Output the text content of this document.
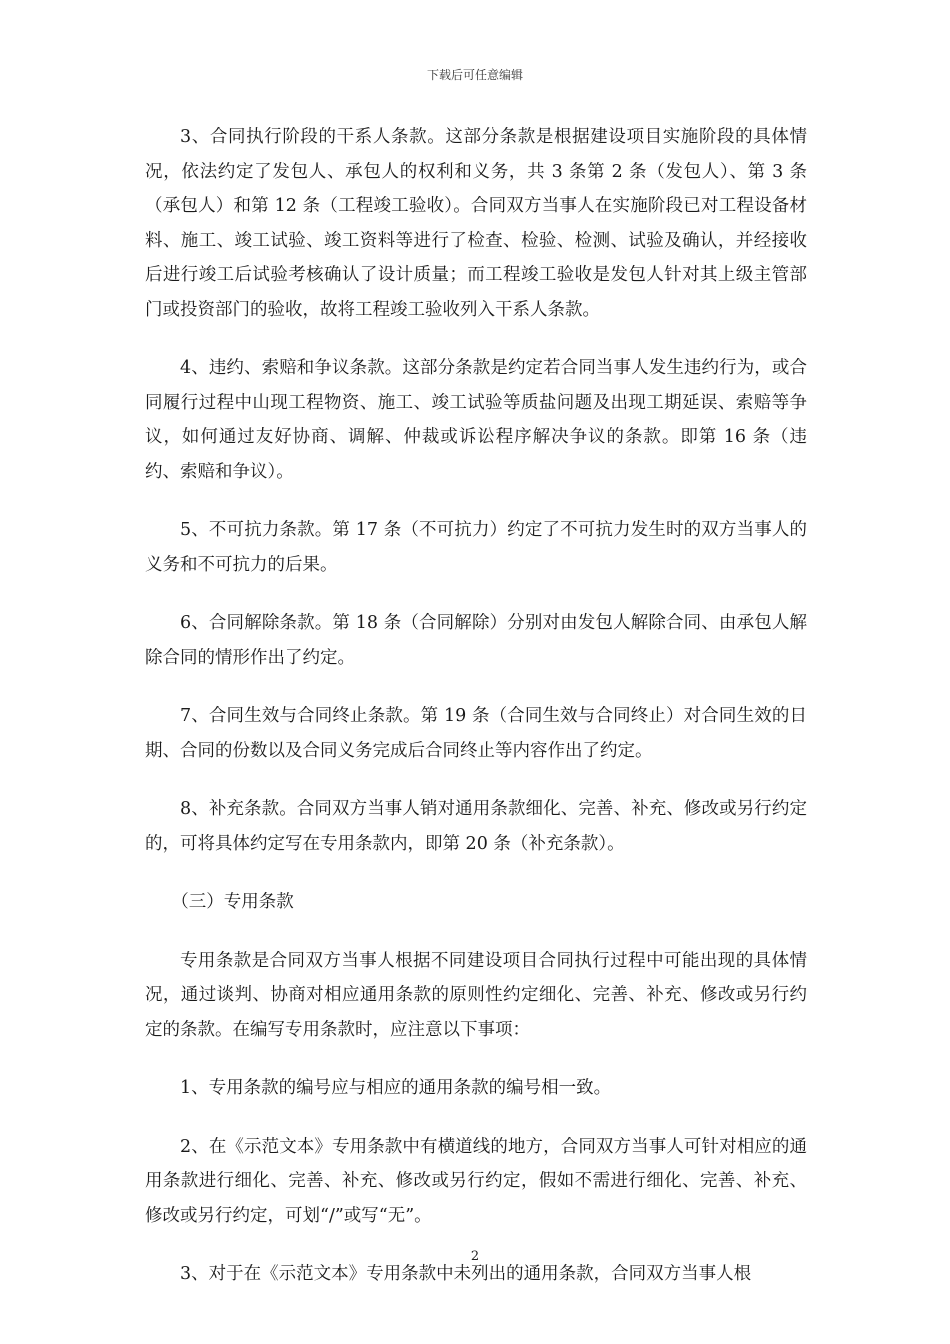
下载后可任意编辑

3、合同执行阶段的干系人条款。这部分条款是根据建设项目实施阶段的具体情况，依法约定了发包人、承包人的权利和义务，共 3 条第 2 条（发包人）、第 3 条（承包人）和第 12 条（工程竣工验收）。合同双方当事人在实施阶段已对工程设备材料、施工、竣工试验、竣工资料等进行了检查、检验、检测、试验及确认，并经接收后进行竣工后试验考核确认了设计质量；而工程竣工验收是发包人针对其上级主管部门或投资部门的验收，故将工程竣工验收列入干系人条款。

4、违约、索赔和争议条款。这部分条款是约定若合同当事人发生违约行为，或合同履行过程中山现工程物资、施工、竣工试验等质盐问题及出现工期延误、索赔等争议，如何通过友好协商、调解、仲裁或诉讼程序解决争议的条款。即第 16 条（违约、索赔和争议）。

5、不可抗力条款。第 17 条（不可抗力）约定了不可抗力发生时的双方当事人的义务和不可抗力的后果。

6、合同解除条款。第 18 条（合同解除）分别对由发包人解除合同、由承包人解除合同的情形作出了约定。

7、合同生效与合同终止条款。第 19 条（合同生效与合同终止）对合同生效的日期、合同的份数以及合同义务完成后合同终止等内容作出了约定。

8、补充条款。合同双方当事人销对通用条款细化、完善、补充、修改或另行约定的，可将具体约定写在专用条款内，即第 20 条（补充条款）。

（三）专用条款

专用条款是合同双方当事人根据不同建设项目合同执行过程中可能出现的具体情况，通过谈判、协商对相应通用条款的原则性约定细化、完善、补充、修改或另行约定的条款。在编写专用条款时，应注意以下事项：

1、专用条款的编号应与相应的通用条款的编号相一致。

2、在《示范文本》专用条款中有横道线的地方，合同双方当事人可针对相应的通用条款进行细化、完善、补充、修改或另行约定，假如不需进行细化、完善、补充、修改或另行约定，可划“/”或写“无”。

3、对于在《示范文本》专用条款中未列出的通用条款，合同双方当事人根

2
